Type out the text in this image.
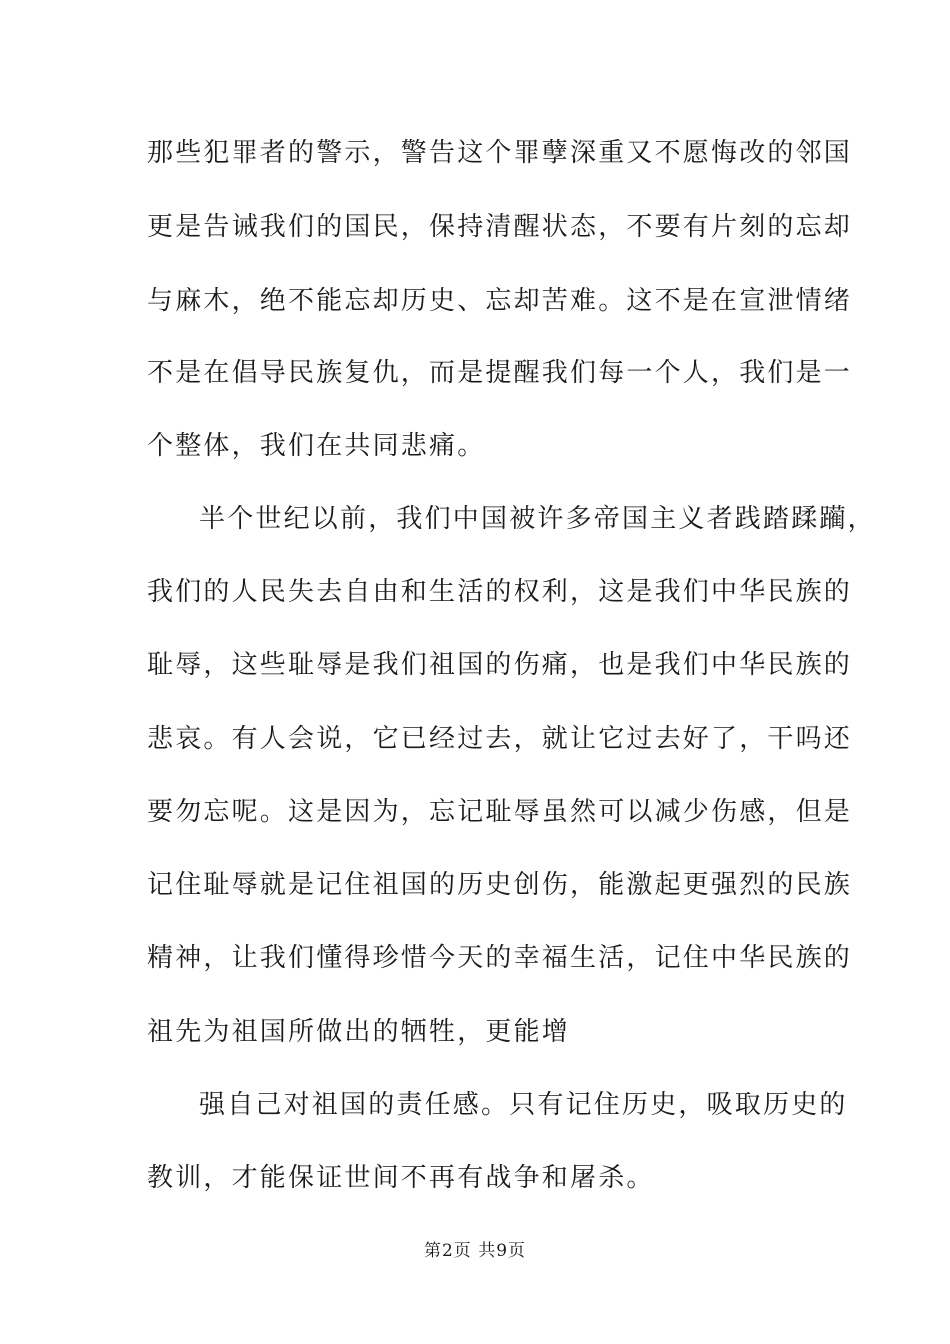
那些犯罪者的警示，警告这个罪孽深重又不愿悔改的邻国
更是告诫我们的国民，保持清醒状态，不要有片刻的忘却
与麻木，绝不能忘却历史、忘却苦难。这不是在宣泄情绪
不是在倡导民族复仇，而是提醒我们每一个人，我们是一
个整体，我们在共同悲痛。
半个世纪以前，我们中国被许多帝国主义者践踏蹂躏，
我们的人民失去自由和生活的权利，这是我们中华民族的
耻辱，这些耻辱是我们祖国的伤痛，也是我们中华民族的
悲哀。有人会说，它已经过去，就让它过去好了，干吗还
要勿忘呢。这是因为，忘记耻辱虽然可以减少伤感，但是
记住耻辱就是记住祖国的历史创伤，能激起更强烈的民族
精神，让我们懂得珍惜今天的幸福生活，记住中华民族的
祖先为祖国所做出的牺牲，更能增
强自己对祖国的责任感。只有记住历史，吸取历史的
教训，才能保证世间不再有战争和屠杀。
第2页 共9页
